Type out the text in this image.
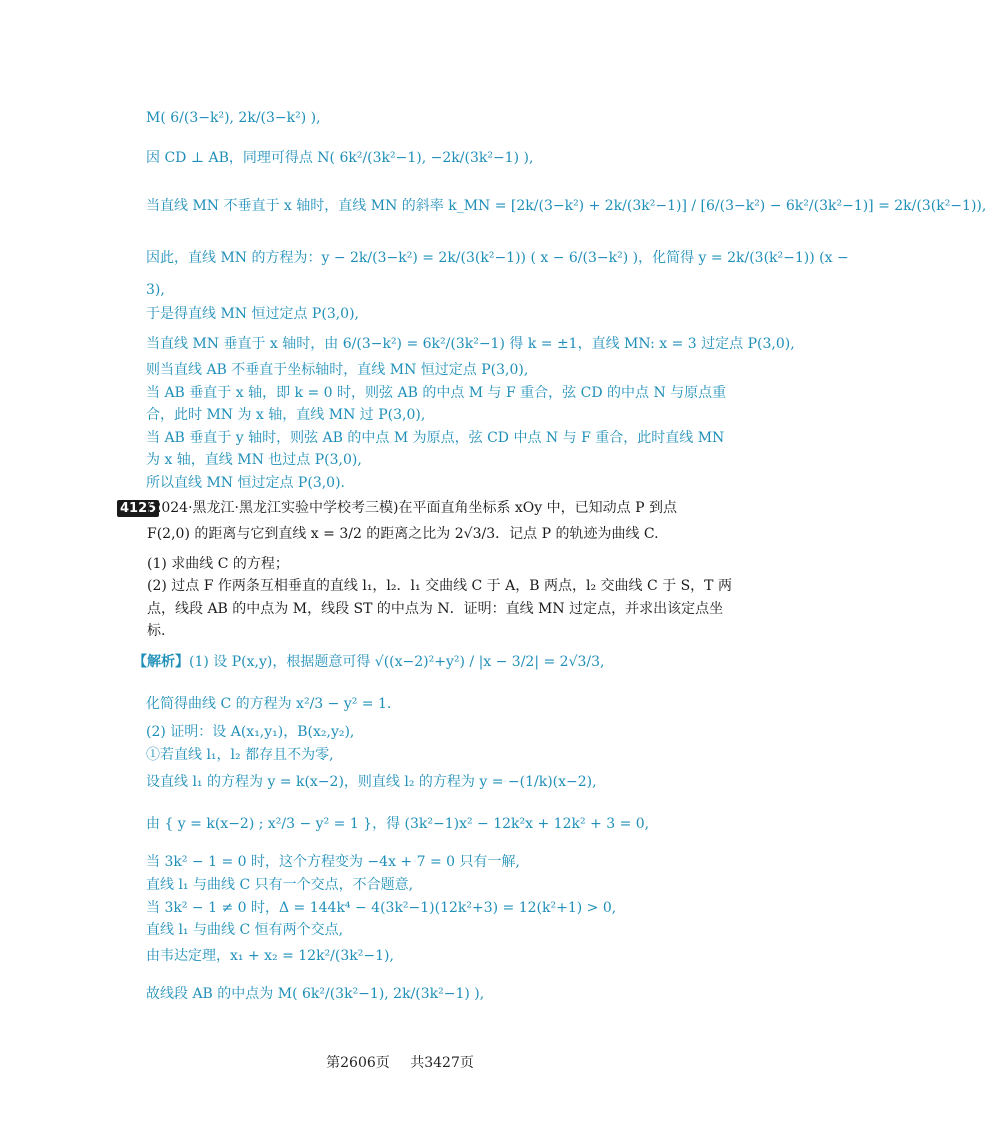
M( 6/(3−k²), 2k/(3−k²) ),
因 CD ⊥ AB，同理可得点 N( 6k²/(3k²−1), −2k/(3k²−1) ),
当直线 MN 不垂直于 x 轴时，直线 MN 的斜率 k_MN = [2k/(3−k²) + 2k/(3k²−1)] / [6/(3−k²) − 6k²/(3k²−1)] = 2k/(3(k²−1)),
因此，直线 MN 的方程为：y − 2k/(3−k²) = 2k/(3(k²−1)) ( x − 6/(3−k²) )，化简得 y = 2k/(3(k²−1)) (x −
3),
于是得直线 MN 恒过定点 P(3,0),
当直线 MN 垂直于 x 轴时，由 6/(3−k²) = 6k²/(3k²−1) 得 k = ±1，直线 MN: x = 3 过定点 P(3,0),
则当直线 AB 不垂直于坐标轴时，直线 MN 恒过定点 P(3,0),
当 AB 垂直于 x 轴，即 k = 0 时，则弦 AB 的中点 M 与 F 重合，弦 CD 的中点 N 与原点重
合，此时 MN 为 x 轴，直线 MN 过 P(3,0),
当 AB 垂直于 y 轴时，则弦 AB 的中点 M 为原点，弦 CD 中点 N 与 F 重合，此时直线 MN
为 x 轴，直线 MN 也过点 P(3,0),
所以直线 MN 恒过定点 P(3,0).
4125
(2024·黑龙江·黑龙江实验中学校考三模)在平面直角坐标系 xOy 中，已知动点 P 到点
F(2,0) 的距离与它到直线 x = 3/2 的距离之比为 2√3/3．记点 P 的轨迹为曲线 C.
(1) 求曲线 C 的方程；
(2) 过点 F 作两条互相垂直的直线 l₁，l₂．l₁ 交曲线 C 于 A，B 两点，l₂ 交曲线 C 于 S，T 两
点，线段 AB 的中点为 M，线段 ST 的中点为 N．证明：直线 MN 过定点，并求出该定点坐
标.
【解析】(1) 设 P(x,y)，根据题意可得 √((x−2)²+y²) / |x − 3/2| = 2√3/3,
化简得曲线 C 的方程为 x²/3 − y² = 1.
(2) 证明：设 A(x₁,y₁)，B(x₂,y₂),
①若直线 l₁，l₂ 都存且不为零,
设直线 l₁ 的方程为 y = k(x−2)，则直线 l₂ 的方程为 y = −(1/k)(x−2),
由 { y = k(x−2) ; x²/3 − y² = 1 }，得 (3k²−1)x² − 12k²x + 12k² + 3 = 0,
当 3k² − 1 = 0 时，这个方程变为 −4x + 7 = 0 只有一解,
直线 l₁ 与曲线 C 只有一个交点，不合题意,
当 3k² − 1 ≠ 0 时，Δ = 144k⁴ − 4(3k²−1)(12k²+3) = 12(k²+1) > 0,
直线 l₁ 与曲线 C 恒有两个交点,
由韦达定理，x₁ + x₂ = 12k²/(3k²−1),
故线段 AB 的中点为 M( 6k²/(3k²−1), 2k/(3k²−1) ),
第2606页 共3427页
